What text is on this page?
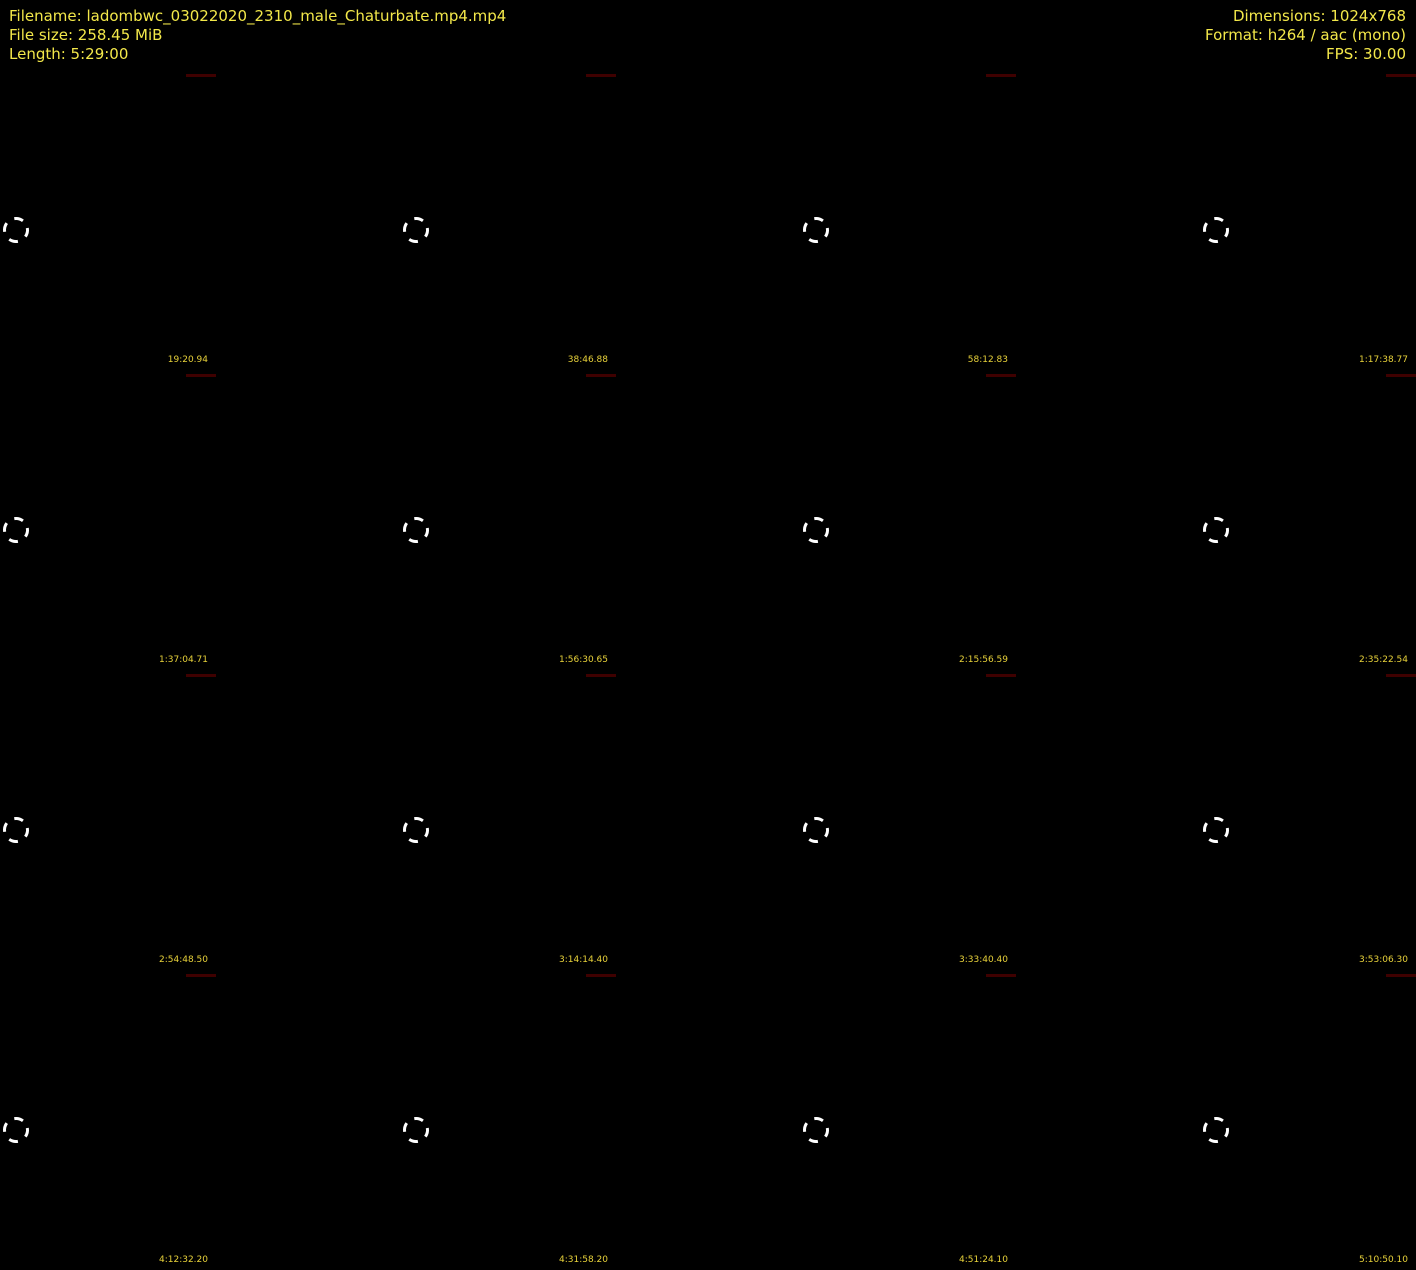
Filename: ladombwc_03022020_2310_male_Chaturbate.mp4.mp4
File size: 258.45 MiB
Length: 5:29:00
Dimensions: 1024x768
Format: h264 / aac (mono)
FPS: 30.00
19:20.94	38:46.88	58:12.83	1:17:38.77
1:37:04.71	1:56:30.65	2:15:56.59	2:35:22.54
2:54:48.50	3:14:14.40	3:33:40.40	3:53:06.30
4:12:32.20	4:31:58.20	4:51:24.10	5:10:50.10
